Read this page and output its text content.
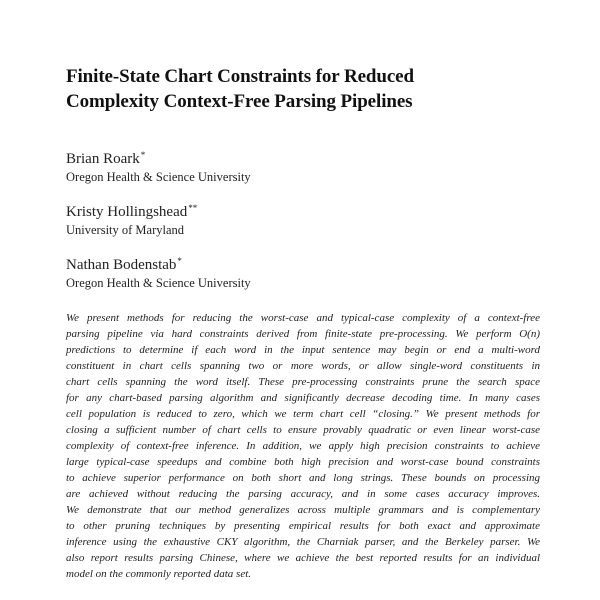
Finite-State Chart Constraints for Reduced
Complexity Context-Free Parsing Pipelines
Brian Roark*
Oregon Health & Science University
Kristy Hollingshead**
University of Maryland
Nathan Bodenstab*
Oregon Health & Science University
We present methods for reducing the worst-case and typical-case complexity of a context-free
parsing pipeline via hard constraints derived from finite-state pre-processing. We perform O(n)
predictions to determine if each word in the input sentence may begin or end a multi-word
constituent in chart cells spanning two or more words, or allow single-word constituents in
chart cells spanning the word itself. These pre-processing constraints prune the search space
for any chart-based parsing algorithm and significantly decrease decoding time. In many cases
cell population is reduced to zero, which we term chart cell “closing.” We present methods for
closing a sufficient number of chart cells to ensure provably quadratic or even linear worst-case
complexity of context-free inference. In addition, we apply high precision constraints to achieve
large typical-case speedups and combine both high precision and worst-case bound constraints
to achieve superior performance on both short and long strings. These bounds on processing
are achieved without reducing the parsing accuracy, and in some cases accuracy improves.
We demonstrate that our method generalizes across multiple grammars and is complementary
to other pruning techniques by presenting empirical results for both exact and approximate
inference using the exhaustive CKY algorithm, the Charniak parser, and the Berkeley parser. We
also report results parsing Chinese, where we achieve the best reported results for an individual
model on the commonly reported data set.
